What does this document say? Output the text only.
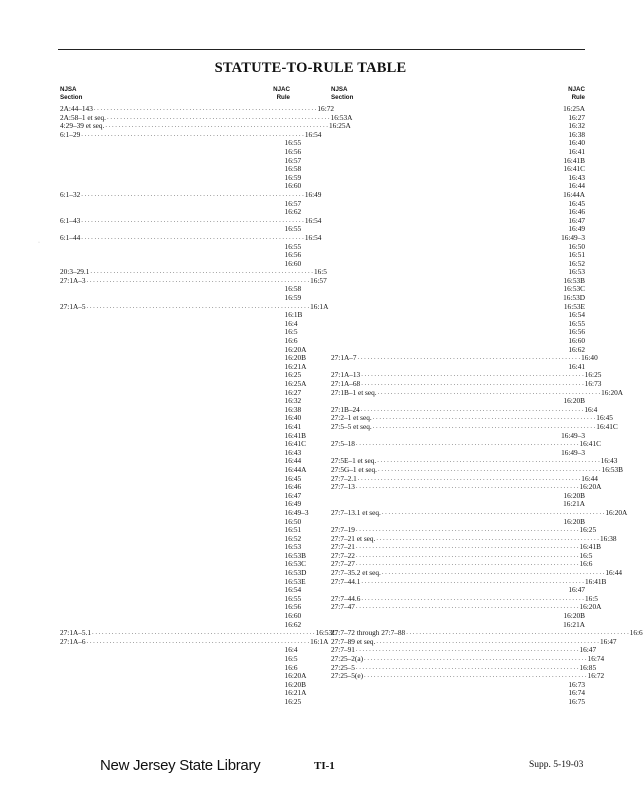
STATUTE-TO-RULE TABLE
NJSA
Section
NJAC
Rule
2A:44–143 . . . . . . . . . . . . . . . . . . . . . . . . . . . . . . . . . . . . . . . . . . . . . . . . . . . . . . . . . . . . . . . . . . . . 16:72
2A:58–1 et seq. . . . . . . . . . . . . . . . . . . . . . . . . . . . . . . . . . . . . . . . . . . . . . . . . . . . . . . . . . . . . . . . . . . . . 16:53A
4:29–39 et seq. . . . . . . . . . . . . . . . . . . . . . . . . . . . . . . . . . . . . . . . . . . . . . . . . . . . . . . . . . . . . . . . . . . . . 16:25A
6:1–29 . . . . . . . . . . . . . . . . . . . . . . . . . . . . . . . . . . . . . . . . . . . . . . . . . . . . . . . . . . . . . . . . . . . . 16:54
16:55
16:56
16:57
16:58
16:59
16:60
6:1–32 . . . . . . . . . . . . . . . . . . . . . . . . . . . . . . . . . . . . . . . . . . . . . . . . . . . . . . . . . . . . . . . . . . . . 16:49
16:57
16:62
6:1–43 . . . . . . . . . . . . . . . . . . . . . . . . . . . . . . . . . . . . . . . . . . . . . . . . . . . . . . . . . . . . . . . . . . . . 16:54
16:55
6:1–44 . . . . . . . . . . . . . . . . . . . . . . . . . . . . . . . . . . . . . . . . . . . . . . . . . . . . . . . . . . . . . . . . . . . . 16:54
16:55
16:56
16:60
20:3–29.1 . . . . . . . . . . . . . . . . . . . . . . . . . . . . . . . . . . . . . . . . . . . . . . . . . . . . . . . . . . . . . . . . . . . . 16:5
27:1A–3 . . . . . . . . . . . . . . . . . . . . . . . . . . . . . . . . . . . . . . . . . . . . . . . . . . . . . . . . . . . . . . . . . . . . 16:57
16:58
16:59
27:1A–5 . . . . . . . . . . . . . . . . . . . . . . . . . . . . . . . . . . . . . . . . . . . . . . . . . . . . . . . . . . . . . . . . . . . . 16:1A
16:1B
16:4
16:5
16:6
16:20A
16:20B
16:21A
16:25
16:25A
16:27
16:32
16:38
16:40
16:41
16:41B
16:41C
16:43
16:44
16:44A
16:45
16:46
16:47
16:49
16:49–3
16:50
16:51
16:52
16:53
16:53B
16:53C
16:53D
16:53E
16:54
16:55
16:56
16:60
16:62
27:1A–5.1 . . . . . . . . . . . . . . . . . . . . . . . . . . . . . . . . . . . . . . . . . . . . . . . . . . . . . . . . . . . . . . . . . . . . 16:53C
27:1A–6 . . . . . . . . . . . . . . . . . . . . . . . . . . . . . . . . . . . . . . . . . . . . . . . . . . . . . . . . . . . . . . . . . . . . 16:1A
16:4
16:5
16:6
16:20A
16:20B
16:21A
16:25
NJSA
Section
NJAC
Rule
16:25A
16:27
16:32
16:38
16:40
16:41
16:41B
16:41C
16:43
16:44
16:44A
16:45
16:46
16:47
16:49
16:49–3
16:50
16:51
16:52
16:53
16:53B
16:53C
16:53D
16:53E
16:54
16:55
16:56
16:60
16:62
27:1A–7 . . . . . . . . . . . . . . . . . . . . . . . . . . . . . . . . . . . . . . . . . . . . . . . . . . . . . . . . . . . . . . . . . . . . 16:40
16:41
27:1A–13 . . . . . . . . . . . . . . . . . . . . . . . . . . . . . . . . . . . . . . . . . . . . . . . . . . . . . . . . . . . . . . . . . . . . 16:25
27:1A–68 . . . . . . . . . . . . . . . . . . . . . . . . . . . . . . . . . . . . . . . . . . . . . . . . . . . . . . . . . . . . . . . . . . . . 16:73
27:1B–1 et seq. . . . . . . . . . . . . . . . . . . . . . . . . . . . . . . . . . . . . . . . . . . . . . . . . . . . . . . . . . . . . . . . . . . . . 16:20A
16:20B
27:1B–24 . . . . . . . . . . . . . . . . . . . . . . . . . . . . . . . . . . . . . . . . . . . . . . . . . . . . . . . . . . . . . . . . . . . . 16:4
27:2–1 et seq. . . . . . . . . . . . . . . . . . . . . . . . . . . . . . . . . . . . . . . . . . . . . . . . . . . . . . . . . . . . . . . . . . . . . 16:45
27:5–5 et seq. . . . . . . . . . . . . . . . . . . . . . . . . . . . . . . . . . . . . . . . . . . . . . . . . . . . . . . . . . . . . . . . . . . . . 16:41C
16:49–3
27:5–18 . . . . . . . . . . . . . . . . . . . . . . . . . . . . . . . . . . . . . . . . . . . . . . . . . . . . . . . . . . . . . . . . . . . . 16:41C
16:49–3
27:5E–1 et seq. . . . . . . . . . . . . . . . . . . . . . . . . . . . . . . . . . . . . . . . . . . . . . . . . . . . . . . . . . . . . . . . . . . . . 16:43
27:5G–1 et seq. . . . . . . . . . . . . . . . . . . . . . . . . . . . . . . . . . . . . . . . . . . . . . . . . . . . . . . . . . . . . . . . . . . . . 16:53B
27:7–2.1 . . . . . . . . . . . . . . . . . . . . . . . . . . . . . . . . . . . . . . . . . . . . . . . . . . . . . . . . . . . . . . . . . . . . 16:44
27:7–13 . . . . . . . . . . . . . . . . . . . . . . . . . . . . . . . . . . . . . . . . . . . . . . . . . . . . . . . . . . . . . . . . . . . . 16:20A
16:20B
16:21A
27:7–13.1 et seq. . . . . . . . . . . . . . . . . . . . . . . . . . . . . . . . . . . . . . . . . . . . . . . . . . . . . . . . . . . . . . . . . . . . . 16:20A
16:20B
27:7–19 . . . . . . . . . . . . . . . . . . . . . . . . . . . . . . . . . . . . . . . . . . . . . . . . . . . . . . . . . . . . . . . . . . . . 16:25
27:7–21 et seq. . . . . . . . . . . . . . . . . . . . . . . . . . . . . . . . . . . . . . . . . . . . . . . . . . . . . . . . . . . . . . . . . . . . . 16:38
27:7–21 . . . . . . . . . . . . . . . . . . . . . . . . . . . . . . . . . . . . . . . . . . . . . . . . . . . . . . . . . . . . . . . . . . . . 16:41B
27:7–22 . . . . . . . . . . . . . . . . . . . . . . . . . . . . . . . . . . . . . . . . . . . . . . . . . . . . . . . . . . . . . . . . . . . . 16:5
27:7–27 . . . . . . . . . . . . . . . . . . . . . . . . . . . . . . . . . . . . . . . . . . . . . . . . . . . . . . . . . . . . . . . . . . . . 16:6
27:7–35.2 et seq. . . . . . . . . . . . . . . . . . . . . . . . . . . . . . . . . . . . . . . . . . . . . . . . . . . . . . . . . . . . . . . . . . . . . 16:44
27:7–44.1 . . . . . . . . . . . . . . . . . . . . . . . . . . . . . . . . . . . . . . . . . . . . . . . . . . . . . . . . . . . . . . . . . . . . 16:41B
16:47
27:7–44.6 . . . . . . . . . . . . . . . . . . . . . . . . . . . . . . . . . . . . . . . . . . . . . . . . . . . . . . . . . . . . . . . . . . . . 16:5
27:7–47 . . . . . . . . . . . . . . . . . . . . . . . . . . . . . . . . . . . . . . . . . . . . . . . . . . . . . . . . . . . . . . . . . . . . 16:20A
16:20B
16:21A
27:7–72 through 27:7–88 . . . . . . . . . . . . . . . . . . . . . . . . . . . . . . . . . . . . . . . . . . . . . . . . . . . . . . . . . . . . . . . . . . . . 16:6
27:7–89 et seq. . . . . . . . . . . . . . . . . . . . . . . . . . . . . . . . . . . . . . . . . . . . . . . . . . . . . . . . . . . . . . . . . . . . . 16:47
27:7–91 . . . . . . . . . . . . . . . . . . . . . . . . . . . . . . . . . . . . . . . . . . . . . . . . . . . . . . . . . . . . . . . . . . . . 16:47
27:25–2(a) . . . . . . . . . . . . . . . . . . . . . . . . . . . . . . . . . . . . . . . . . . . . . . . . . . . . . . . . . . . . . . . . . . . . 16:74
27:25–5 . . . . . . . . . . . . . . . . . . . . . . . . . . . . . . . . . . . . . . . . . . . . . . . . . . . . . . . . . . . . . . . . . . . . 16:85
27:25–5(e) . . . . . . . . . . . . . . . . . . . . . . . . . . . . . . . . . . . . . . . . . . . . . . . . . . . . . . . . . . . . . . . . . . . . 16:72
16:73
16:74
16:75
·
New Jersey State Library	TI-1	Supp. 5-19-03
